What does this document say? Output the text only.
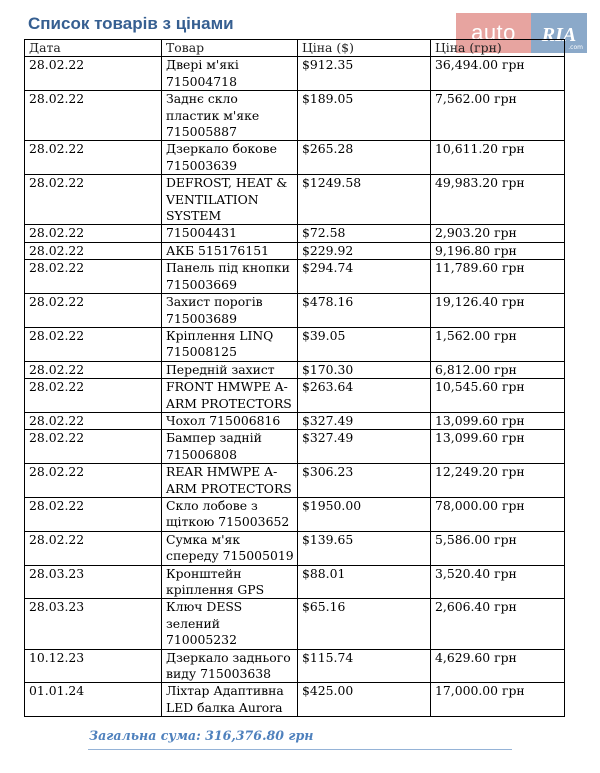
Список товарів з цінами	auto	RIA
.com
Дата	Товар	Ціна ($)	Ціна (грн)
28.02.22	Двері м'які 715004718	$912.35	36,494.00 грн
28.02.22	Заднє скло пластик м'яке 715005887	$189.05	7,562.00 грн
28.02.22	Дзеркало бокове 715003639	$265.28	10,611.20 грн
28.02.22	DEFROST, HEAT & VENTILATION SYSTEM	$1249.58	49,983.20 грн
28.02.22	715004431	$72.58	2,903.20 грн
28.02.22	АКБ 515176151	$229.92	9,196.80 грн
28.02.22	Панель під кнопки 715003669	$294.74	11,789.60 грн
28.02.22	Захист порогів 715003689	$478.16	19,126.40 грн
28.02.22	Кріплення LINQ 715008125	$39.05	1,562.00 грн
28.02.22	Передній захист	$170.30	6,812.00 грн
28.02.22	FRONT HMWPE A-ARM PROTECTORS	$263.64	10,545.60 грн
28.02.22	Чохол 715006816	$327.49	13,099.60 грн
28.02.22	Бампер задній 715006808	$327.49	13,099.60 грн
28.02.22	REAR HMWPE A-ARM PROTECTORS	$306.23	12,249.20 грн
28.02.22	Скло лобове з щіткою 715003652	$1950.00	78,000.00 грн
28.02.22	Сумка м'як спереду 715005019	$139.65	5,586.00 грн
28.03.23	Кронштейн кріплення GPS	$88.01	3,520.40 грн
28.03.23	Ключ DESS зелений 710005232	$65.16	2,606.40 грн
10.12.23	Дзеркало заднього виду 715003638	$115.74	4,629.60 грн
01.01.24	Ліхтар Адаптивна LED балка Aurora	$425.00	17,000.00 грн
Загальна сума: 316,376.80 грн
